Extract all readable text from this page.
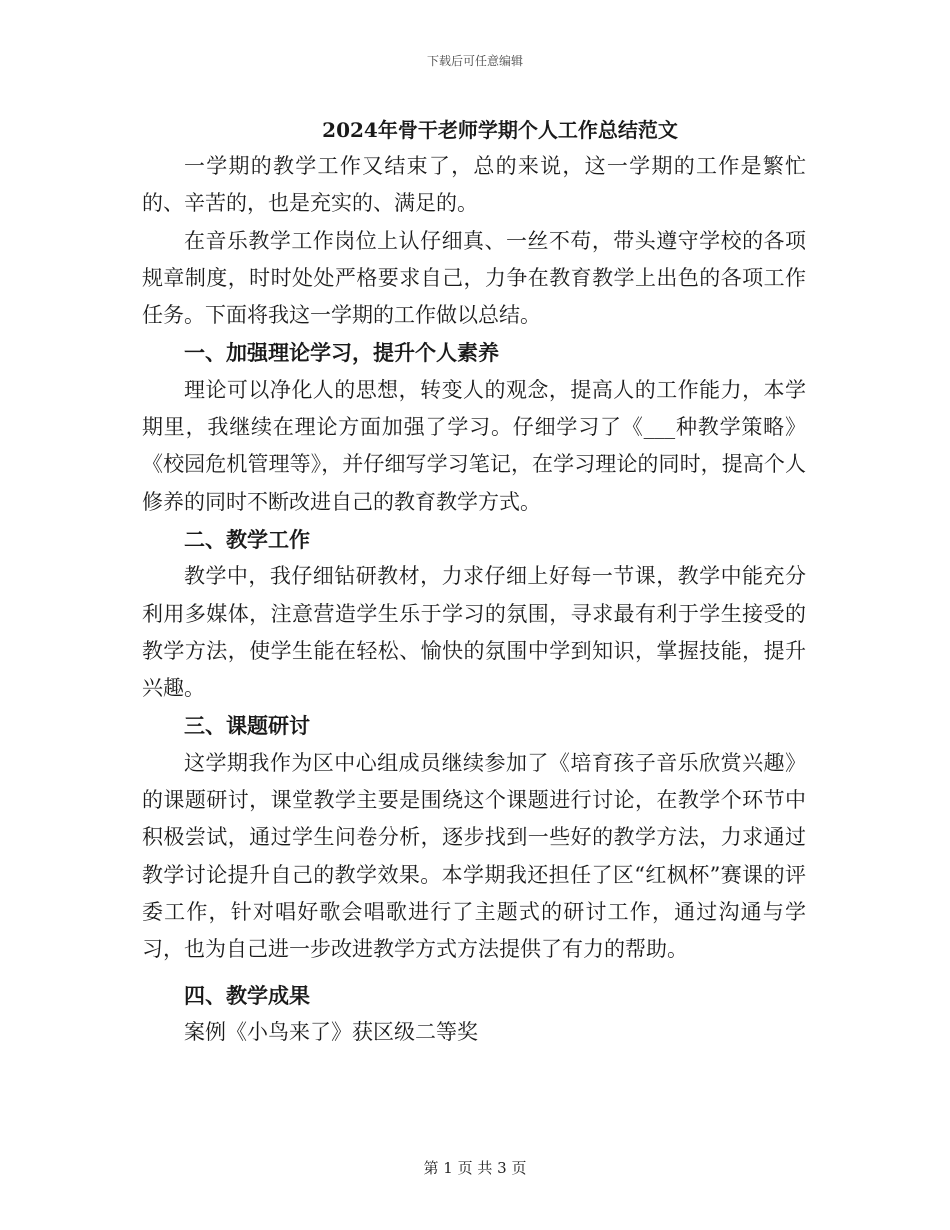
下载后可任意编辑
2024年骨干老师学期个人工作总结范文

一学期的教学工作又结束了，总的来说，这一学期的工作是繁忙的、辛苦的，也是充实的、满足的。

在音乐教学工作岗位上认仔细真、一丝不苟，带头遵守学校的各项规章制度，时时处处严格要求自己，力争在教育教学上出色的各项工作任务。下面将我这一学期的工作做以总结。

一、加强理论学习，提升个人素养

理论可以净化人的思想，转变人的观念，提高人的工作能力，本学期里，我继续在理论方面加强了学习。仔细学习了《___种教学策略》《校园危机管理等》，并仔细写学习笔记，在学习理论的同时，提高个人修养的同时不断改进自己的教育教学方式。

二、教学工作

教学中，我仔细钻研教材，力求仔细上好每一节课，教学中能充分利用多媒体，注意营造学生乐于学习的氛围，寻求最有利于学生接受的教学方法，使学生能在轻松、愉快的氛围中学到知识，掌握技能，提升兴趣。

三、课题研讨

这学期我作为区中心组成员继续参加了《培育孩子音乐欣赏兴趣》的课题研讨，课堂教学主要是围绕这个课题进行讨论，在教学个环节中积极尝试，通过学生问卷分析，逐步找到一些好的教学方法，力求通过教学讨论提升自己的教学效果。本学期我还担任了区“红枫杯”赛课的评委工作，针对唱好歌会唱歌进行了主题式的研讨工作，通过沟通与学习，也为自己进一步改进教学方式方法提供了有力的帮助。

四、教学成果

案例《小鸟来了》获区级二等奖

第 1 页 共 3 页
